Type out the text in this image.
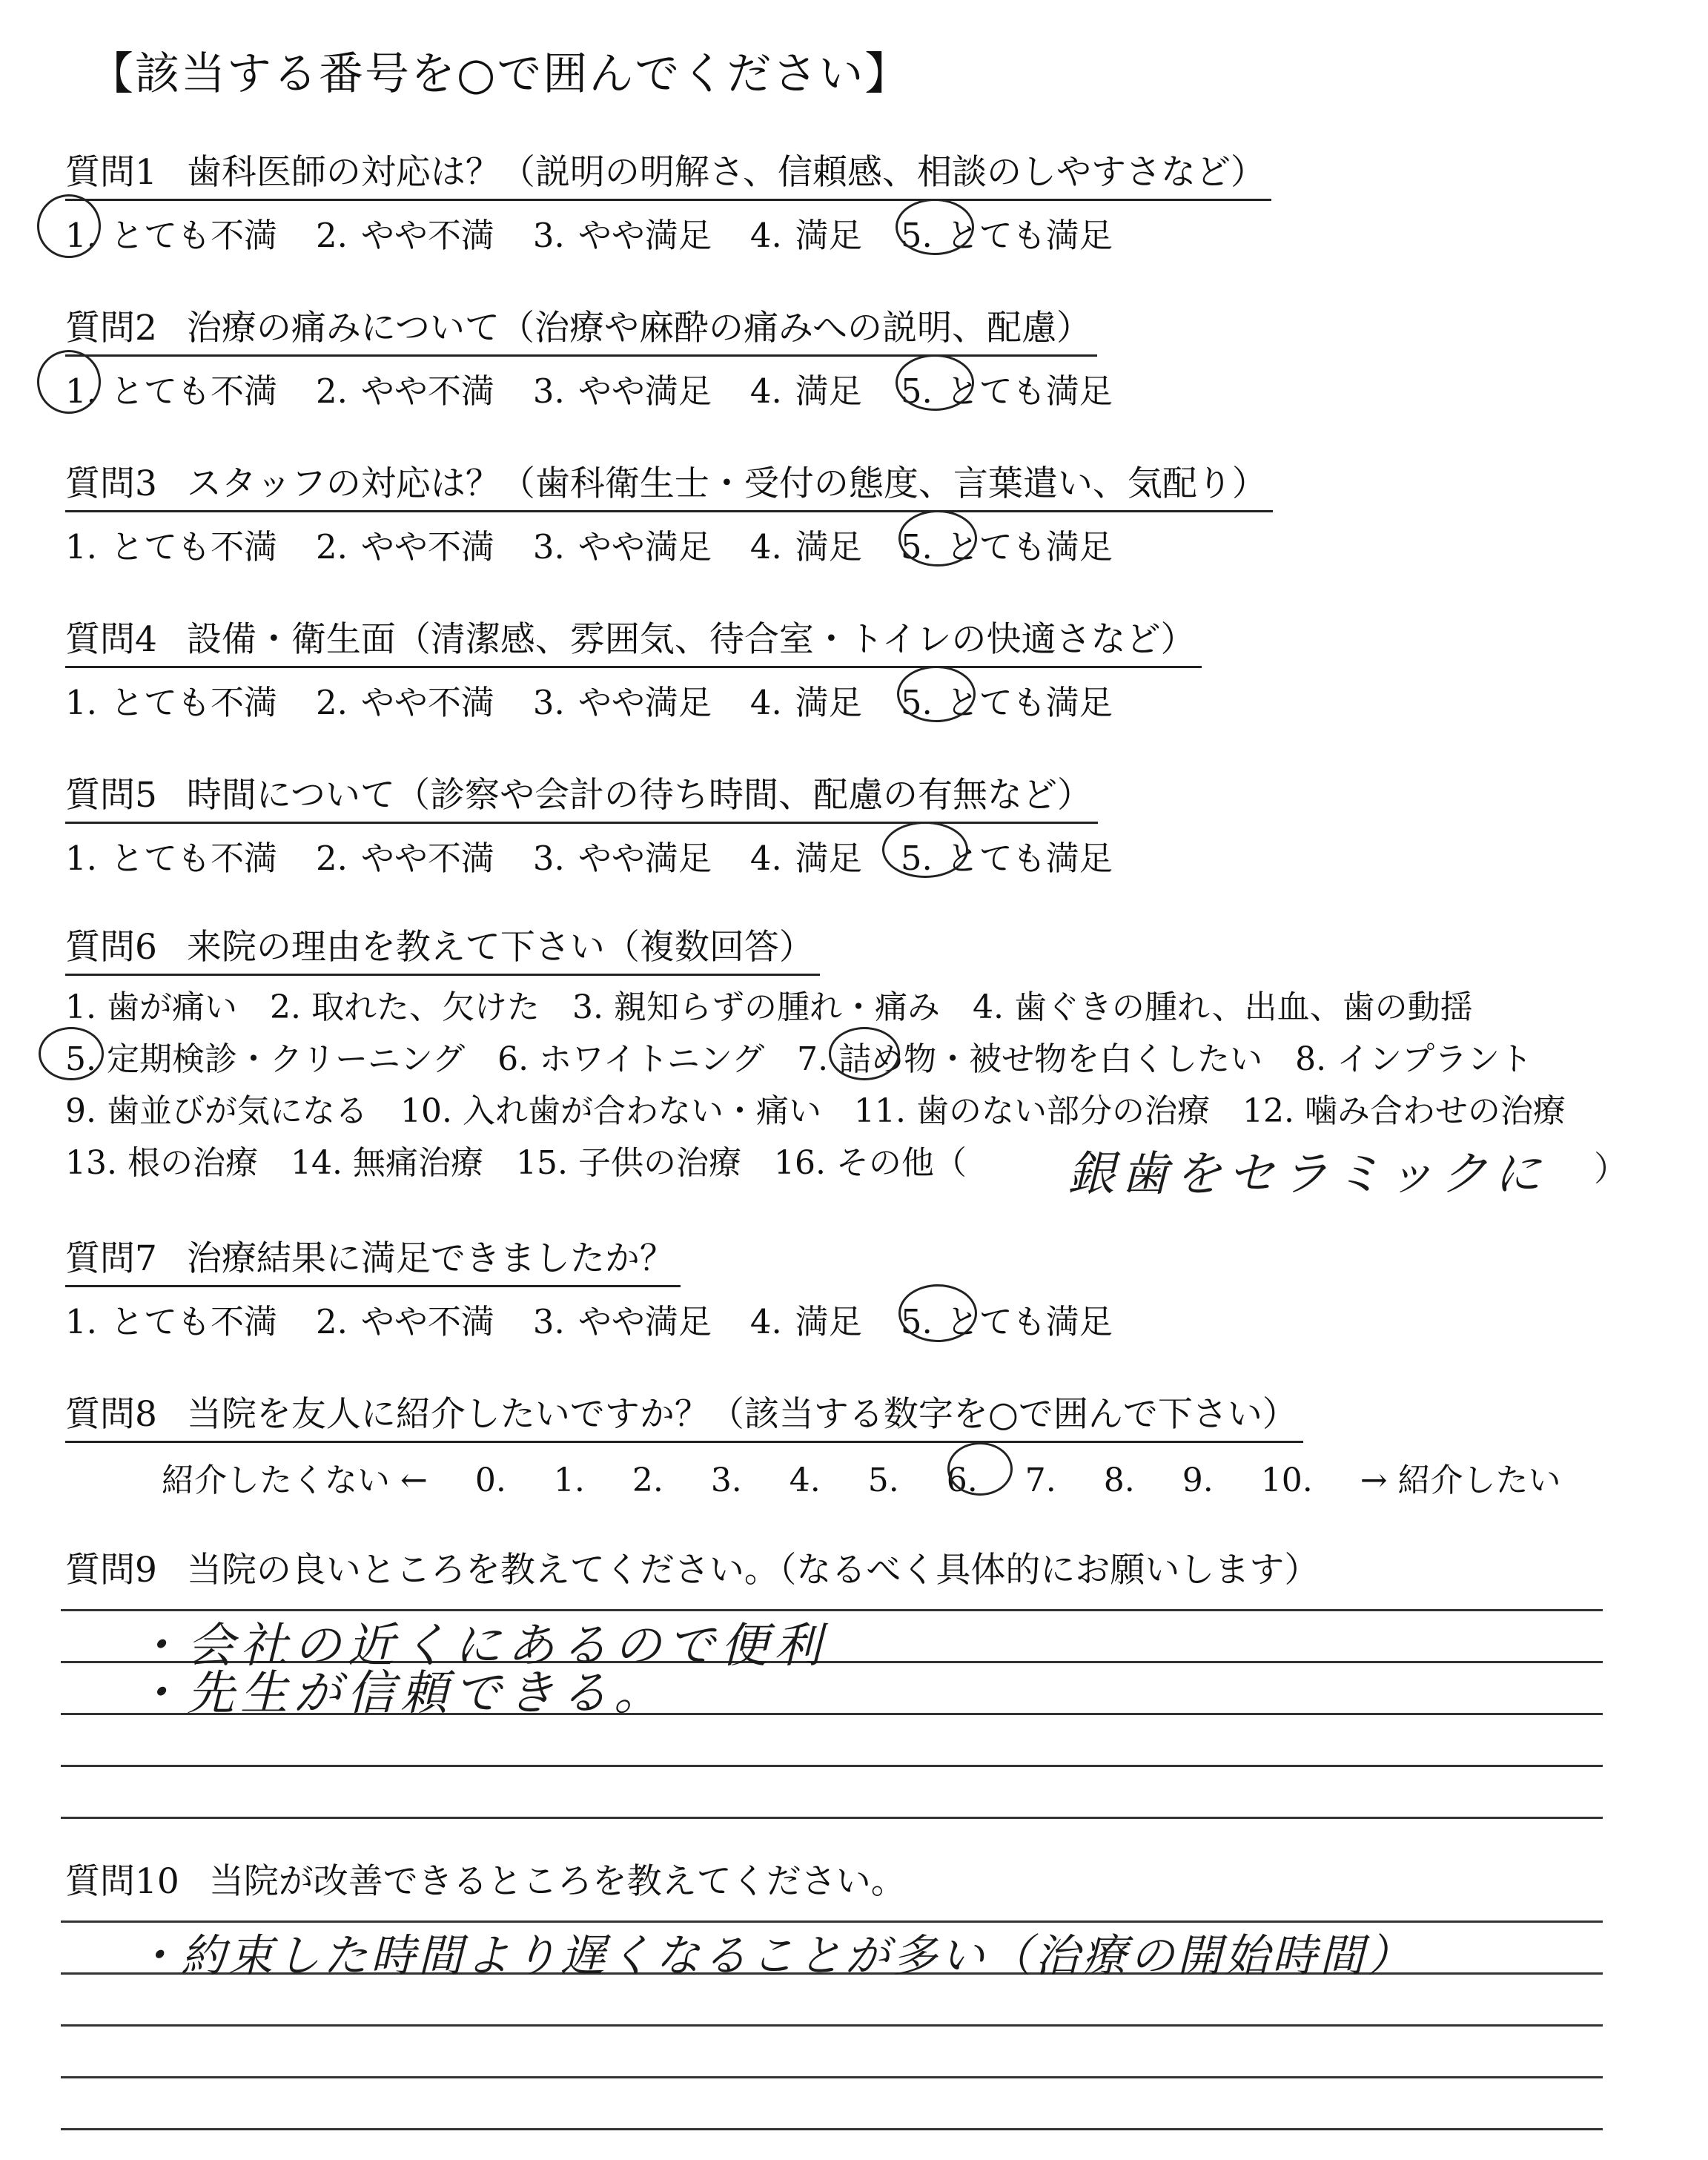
【該当する番号を○で囲んでください】
質問1 歯科医師の対応は？（説明の明解さ、信頼感、相談のしやすさなど）
1. とても不満 2. やや不満 3. やや満足 4. 満足 5. とても満足
質問2 治療の痛みについて（治療や麻酔の痛みへの説明、配慮）
1. とても不満 2. やや不満 3. やや満足 4. 満足 5. とても満足
質問3 スタッフの対応は？（歯科衛生士・受付の態度、言葉遣い、気配り）
1. とても不満 2. やや不満 3. やや満足 4. 満足 5. とても満足
質問4 設備・衛生面（清潔感、雰囲気、待合室・トイレの快適さなど）
1. とても不満 2. やや不満 3. やや満足 4. 満足 5. とても満足
質問5 時間について（診察や会計の待ち時間、配慮の有無など）
1. とても不満 2. やや不満 3. やや満足 4. 満足 5. とても満足
質問6 来院の理由を教えて下さい（複数回答）
1. 歯が痛い 2. 取れた、欠けた 3. 親知らずの腫れ・痛み 4. 歯ぐきの腫れ、出血、歯の動揺
5. 定期検診・クリーニング 6. ホワイトニング 7. 詰め物・被せ物を白くしたい 8. インプラント
9. 歯並びが気になる 10. 入れ歯が合わない・痛い 11. 歯のない部分の治療 12. 噛み合わせの治療
13. 根の治療 14. 無痛治療 15. 子供の治療 16. その他（	銀歯をセラミックに ）
質問7 治療結果に満足できましたか？
1. とても不満 2. やや不満 3. やや満足 4. 満足 5. とても満足
質問8 当院を友人に紹介したいですか？（該当する数字を○で囲んで下さい）
紹介したくない ← 0. 1. 2. 3. 4. 5. 6. 7. 8. 9. 10. → 紹介したい
質問9 当院の良いところを教えてください。（なるべく具体的にお願いします）
・会社の近くにあるので便利
・先生が信頼できる。
質問10 当院が改善できるところを教えてください。
・約束した時間より遅くなることが多い（治療の開始時間）
